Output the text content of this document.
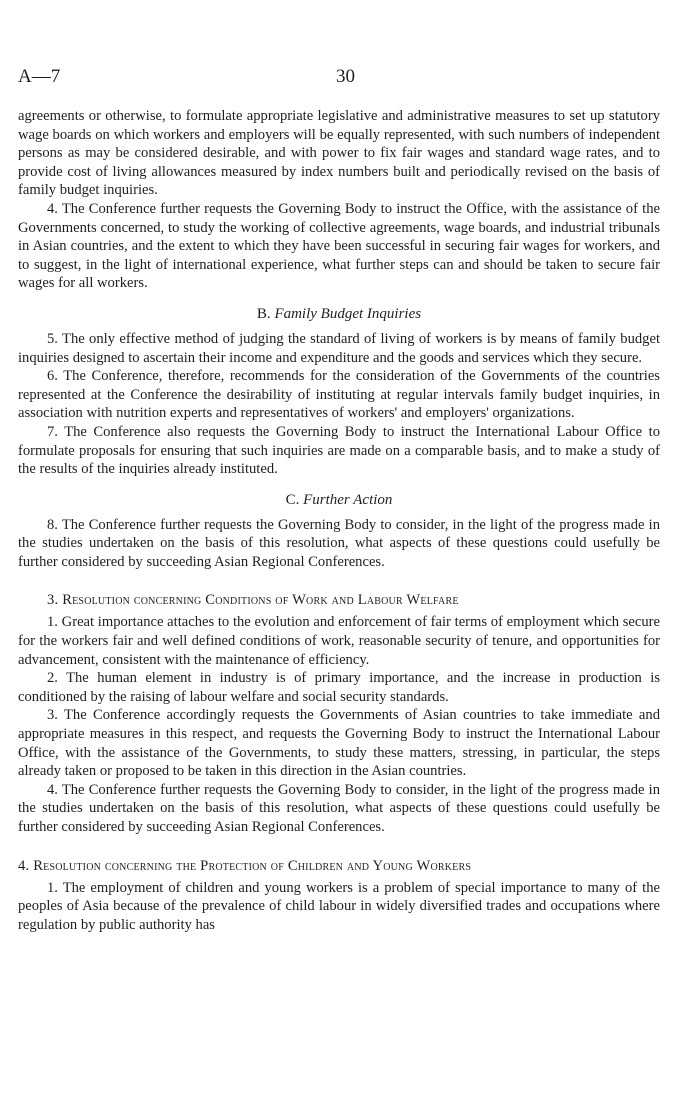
A—7	30

agreements or otherwise, to formulate appropriate legislative and administrative measures to set up statutory wage boards on which workers and employers will be equally represented, with such numbers of independent persons as may be considered desirable, and with power to fix fair wages and standard wage rates, and to provide cost of living allowances measured by index numbers built and periodically revised on the basis of family budget inquiries.

4. The Conference further requests the Governing Body to instruct the Office, with the assistance of the Governments concerned, to study the working of collective agreements, wage boards, and industrial tribunals in Asian countries, and the extent to which they have been successful in securing fair wages for workers, and to suggest, in the light of international experience, what further steps can and should be taken to secure fair wages for all workers.

B. Family Budget Inquiries

5. The only effective method of judging the standard of living of workers is by means of family budget inquiries designed to ascertain their income and expenditure and the goods and services which they secure.

6. The Conference, therefore, recommends for the consideration of the Governments of the countries represented at the Conference the desirability of instituting at regular intervals family budget inquiries, in association with nutrition experts and representatives of workers' and employers' organizations.

7. The Conference also requests the Governing Body to instruct the International Labour Office to formulate proposals for ensuring that such inquiries are made on a comparable basis, and to make a study of the results of the inquiries already instituted.

C. Further Action

8. The Conference further requests the Governing Body to consider, in the light of the progress made in the studies undertaken on the basis of this resolution, what aspects of these questions could usefully be further considered by succeeding Asian Regional Conferences.

3. Resolution concerning Conditions of Work and Labour Welfare

1. Great importance attaches to the evolution and enforcement of fair terms of employment which secure for the workers fair and well defined conditions of work, reasonable security of tenure, and opportunities for advancement, consistent with the maintenance of efficiency.

2. The human element in industry is of primary importance, and the increase in production is conditioned by the raising of labour welfare and social security standards.

3. The Conference accordingly requests the Governments of Asian countries to take immediate and appropriate measures in this respect, and requests the Governing Body to instruct the International Labour Office, with the assistance of the Governments, to study these matters, stressing, in particular, the steps already taken or proposed to be taken in this direction in the Asian countries.

4. The Conference further requests the Governing Body to consider, in the light of the progress made in the studies undertaken on the basis of this resolution, what aspects of these questions could usefully be further considered by succeeding Asian Regional Conferences.

4. Resolution concerning the Protection of Children and Young Workers

1. The employment of children and young workers is a problem of special importance to many of the peoples of Asia because of the prevalence of child labour in widely diversified trades and occupations where regulation by public authority has
